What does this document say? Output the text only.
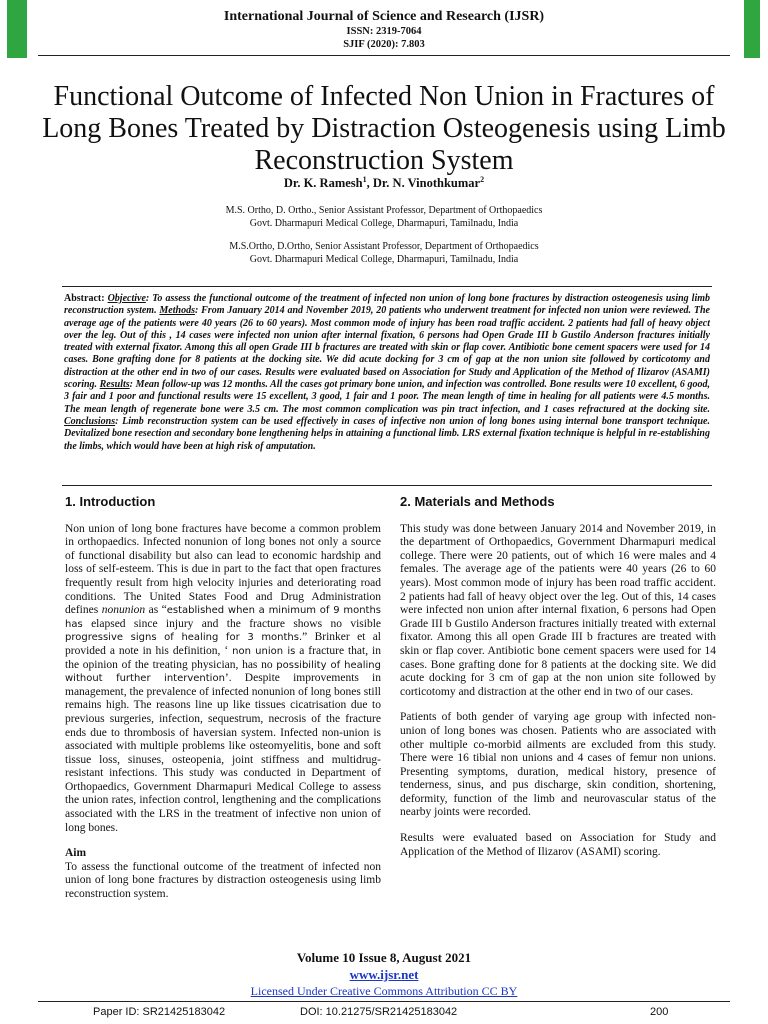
International Journal of Science and Research (IJSR)
ISSN: 2319-7064
SJIF (2020): 7.803
Functional Outcome of Infected Non Union in Fractures of Long Bones Treated by Distraction Osteogenesis using Limb Reconstruction System
Dr. K. Ramesh$^1$, Dr. N. Vinothkumar$^2$
M.S. Ortho, D. Ortho., Senior Assistant Professor, Department of Orthopaedics
Govt. Dharmapuri Medical College, Dharmapuri, Tamilnadu, India
M.S.Ortho, D.Ortho, Senior Assistant Professor, Department of Orthopaedics
Govt. Dharmapuri Medical College, Dharmapuri, Tamilnadu, India

Abstract: Objective: To assess the functional outcome of the treatment of infected non union of long bone fractures by distraction osteogenesis using limb reconstruction system. Methods: From January 2014 and November 2019, 20 patients who underwent treatment for infected non union were reviewed. The average age of the patients were 40 years (26 to 60 years). Most common mode of injury has been road traffic accident. 2 patients had fall of heavy object over the leg. Out of this , 14 cases were infected non union after internal fixation, 6 persons had Open Grade III b Gustilo Anderson fractures initially treated with external fixator. Among this all open Grade III b fractures are treated with skin or flap cover. Antibiotic bone cement spacers were used for 14 cases. Bone grafting done for 8 patients at the docking site. We did acute docking for 3 cm of gap at the non union site followed by corticotomy and distraction at the other end in two of our cases. Results were evaluated based on Association for Study and Application of the Method of Ilizarov (ASAMI) scoring. Results: Mean follow-up was 12 months. All the cases got primary bone union, and infection was controlled. Bone results were 10 excellent, 6 good, 3 fair and 1 poor and functional results were 15 excellent, 3 good, 1 fair and 1 poor. The mean length of time in healing for all patients were 4.5 months. The mean length of regenerate bone were 3.5 cm. The most common complication was pin tract infection, and 1 cases refractured at the docking site. Conclusions: Limb reconstruction system can be used effectively in cases of infective non union of long bones using internal bone transport technique. Devitalized bone resection and secondary bone lengthening helps in attaining a functional limb. LRS external fixation technique is helpful in re-establishing the limbs, which would have been at high risk of amputation.

1. Introduction

Non union of long bone fractures have become a common problem in orthopaedics. Infected nonunion of long bones not only a source of functional disability but also can lead to economic hardship and loss of self-esteem. This is due in part to the fact that open fractures frequently result from high velocity injuries and deteriorating road conditions. The United States Food and Drug Administration defines nonunion as “established when a minimum of 9 months has elapsed since injury and the fracture shows no visible progressive signs of healing for 3 months.” Brinker et al provided a note in his definition, ‘ non union is a fracture that, in the opinion of the treating physician, has no possibility of healing without further intervention’. Despite improvements in management, the prevalence of infected nonunion of long bones still remains high. The reasons line up like tissues cicatrisation due to previous surgeries, infection, sequestrum, necrosis of the fracture ends due to thrombosis of haversian system. Infected non-union is associated with multiple problems like osteomyelitis, bone and soft tissue loss, sinuses, osteopenia, joint stiffness and multidrug-resistant infections. This study was conducted in Department of Orthopaedics, Government Dharmapuri Medical College to assess the union rates, infection control, lengthening and the complications associated with the LRS in the treatment of infective non union of long bones.

Aim

To assess the functional outcome of the treatment of infected non union of long bone fractures by distraction osteogenesis using limb reconstruction system.

2. Materials and Methods

This study was done between January 2014 and November 2019, in the department of Orthopaedics, Government Dharmapuri medical college. There were 20 patients, out of which 16 were males and 4 females. The average age of the patients were 40 years (26 to 60 years). Most common mode of injury has been road traffic accident. 2 patients had fall of heavy object over the leg. Out of this, 14 cases were infected non union after internal fixation, 6 persons had Open Grade III b Gustilo Anderson fractures initially treated with external fixator. Among this all open Grade III b fractures are treated with skin or flap cover. Antibiotic bone cement spacers were used for 14 cases. Bone grafting done for 8 patients at the docking site. We did acute docking for 3 cm of gap at the non union site followed by corticotomy and distraction at the other end in two of our cases.

Patients of both gender of varying age group with infected non-union of long bones was chosen. Patients who are associated with other multiple co-morbid ailments are excluded from this study. There were 16 tibial non unions and 4 cases of femur non unions. Presenting symptoms, duration, medical history, presence of tenderness, sinus, and pus discharge, skin condition, shortening, deformity, function of the limb and neurovascular status of the nearby joints were recorded.

Results were evaluated based on Association for Study and Application of the Method of Ilizarov (ASAMI) scoring.

Volume 10 Issue 8, August 2021
www.ijsr.net
Licensed Under Creative Commons Attribution CC BY
Paper ID: SR21425183042	DOI: 10.21275/SR21425183042	200
